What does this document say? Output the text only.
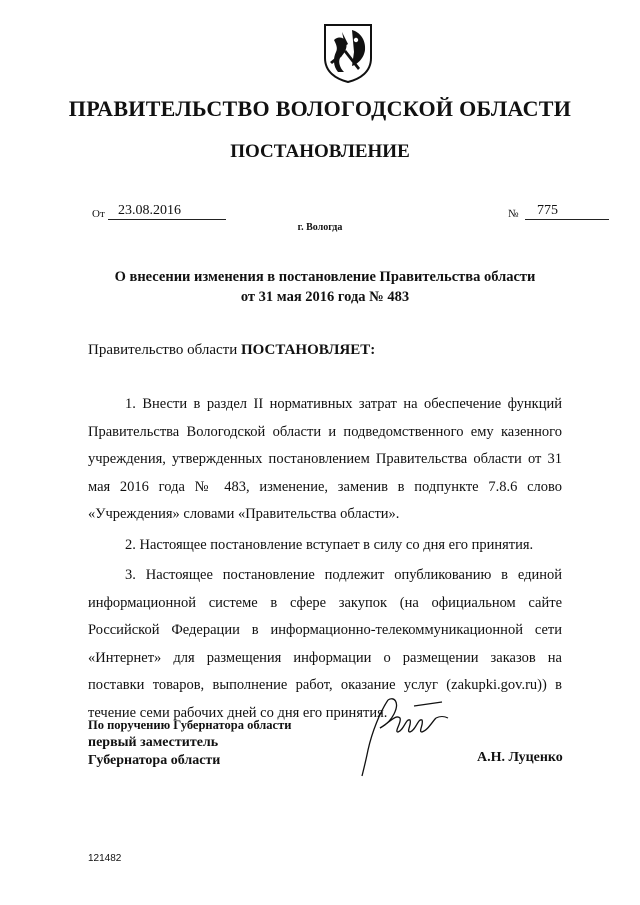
ПРАВИТЕЛЬСТВО ВОЛОГОДСКОЙ ОБЛАСТИ
ПОСТАНОВЛЕНИЕ
От 23.08.2016	№	775
г. Вологда
О внесении изменения в постановление Правительства области
от 31 мая 2016 года № 483
Правительство области ПОСТАНОВЛЯЕТ:

1. Внести в раздел II нормативных затрат на обеспечение функций Правительства Вологодской области и подведомственного ему казенного учреждения, утвержденных постановлением Правительства области от 31 мая 2016 года № 483, изменение, заменив в подпункте 7.8.6 слово «Учреждения» словами «Правительства области».

2. Настоящее постановление вступает в силу со дня его принятия.

3. Настоящее постановление подлежит опубликованию в единой информационной системе в сфере закупок (на официальном сайте Российской Федерации в информационно-телекоммуникационной сети «Интернет» для размещения информации о размещении заказов на поставки товаров, выполнение работ, оказание услуг (zakupki.gov.ru)) в течение семи рабочих дней со дня его принятия.

По поручению Губернатора области
первый заместитель
Губернатора области	А.Н. Луценко
121482
